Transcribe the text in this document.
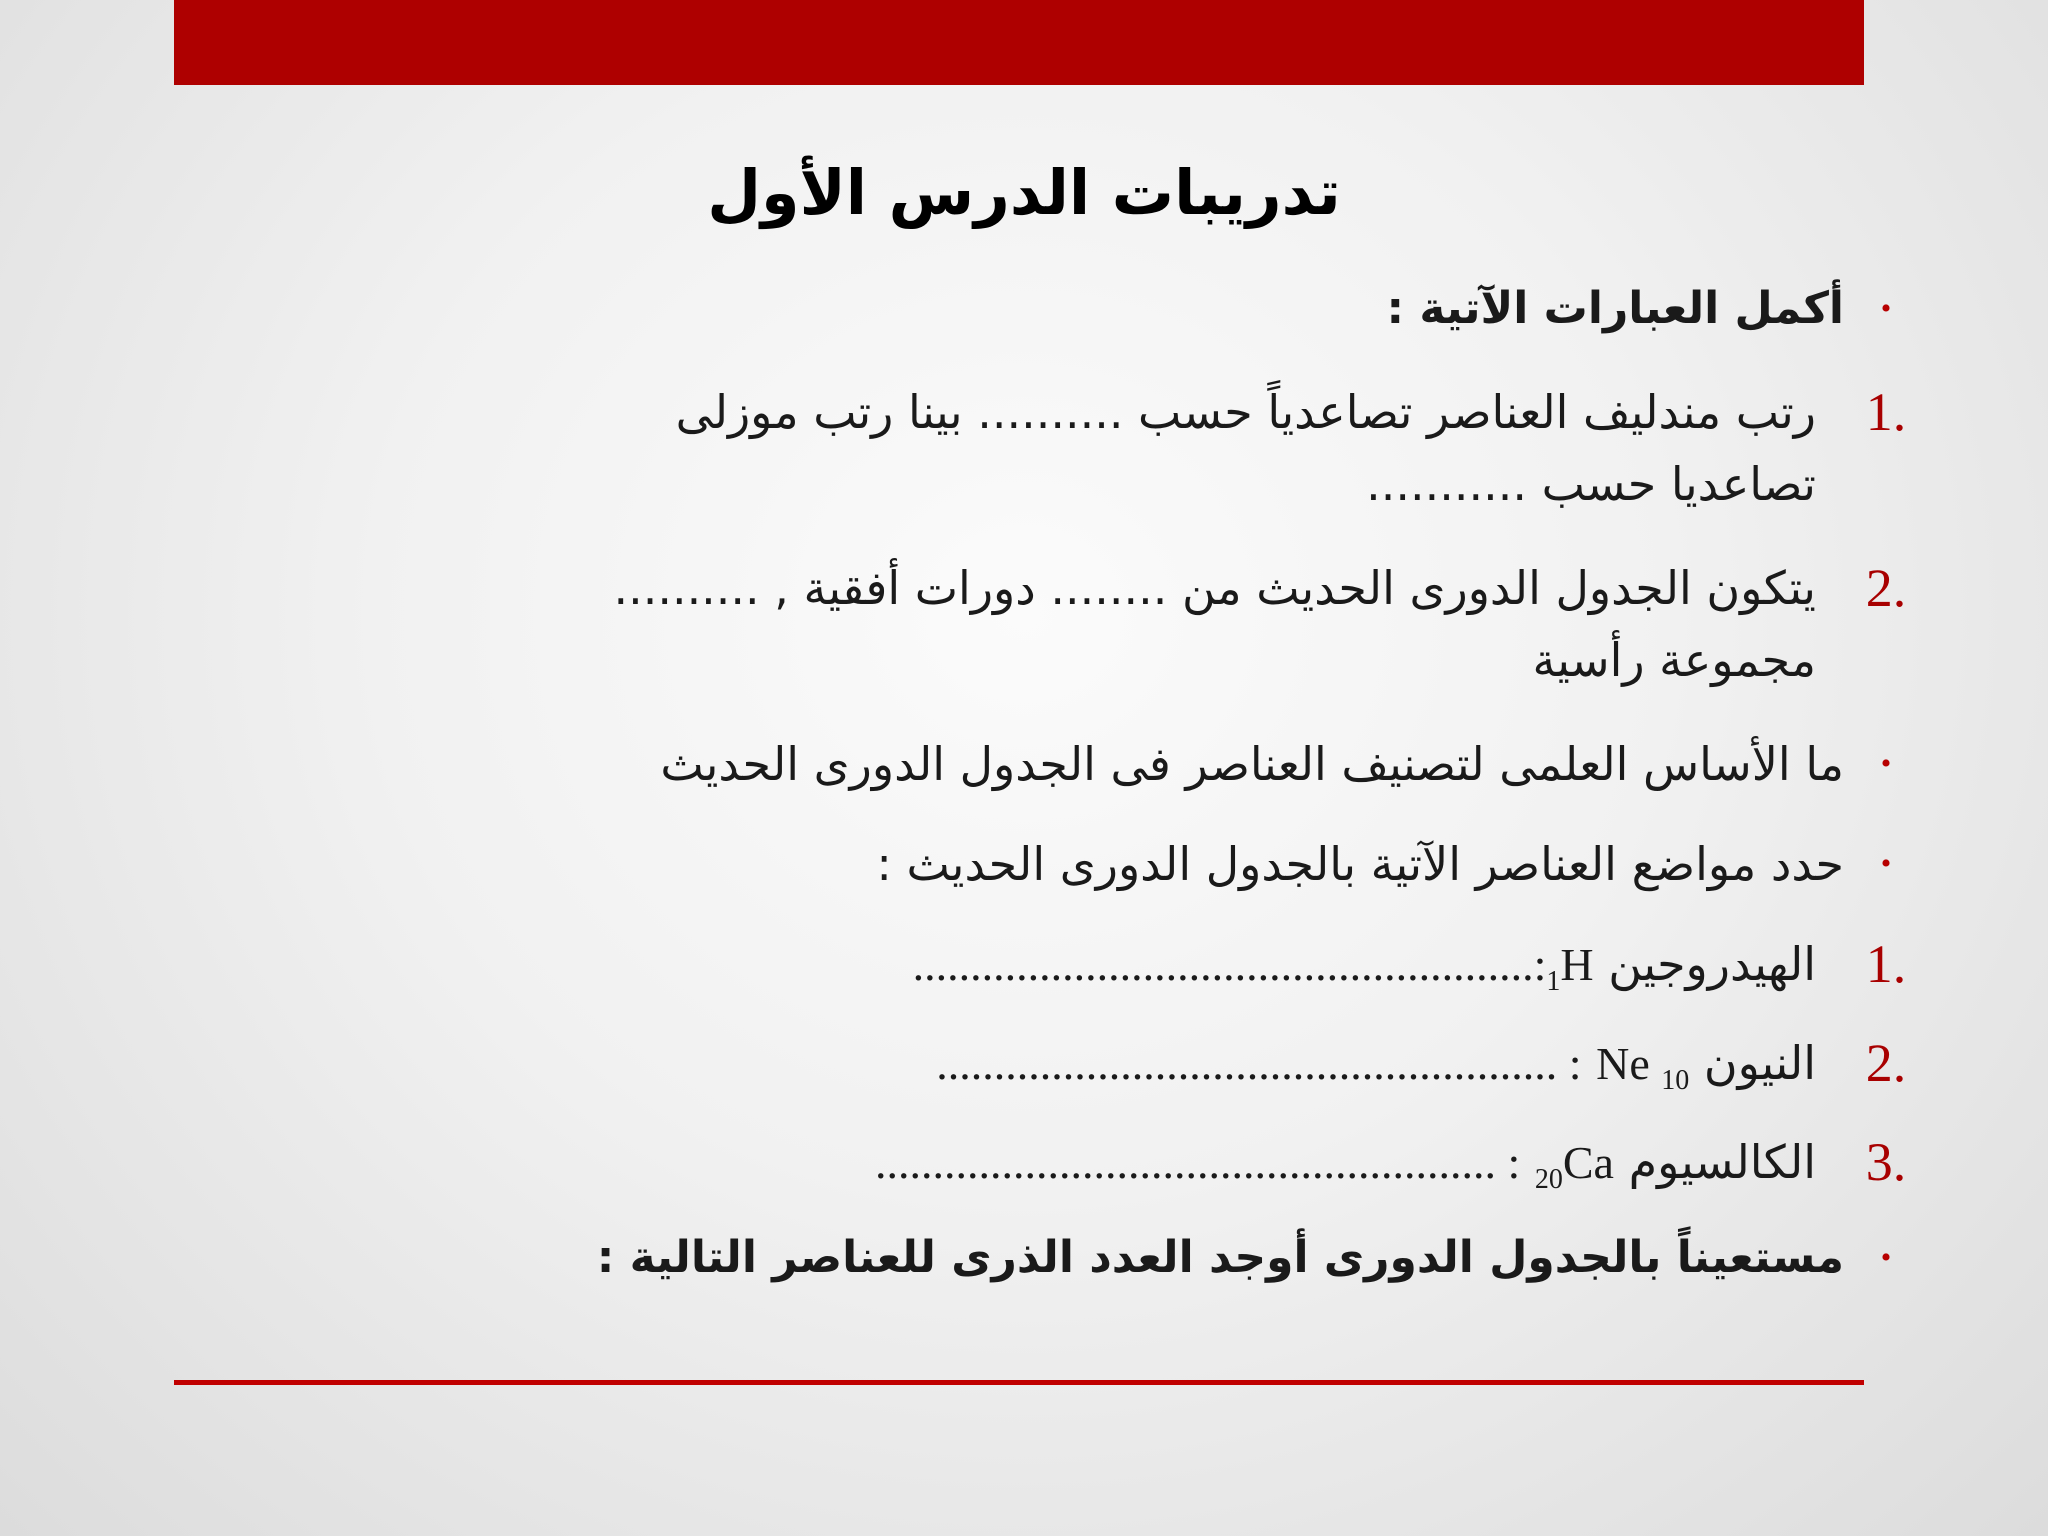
تدريبات الدرس الأول
•
أكمل العبارات الآتية :
1.
رتب مندليف العناصر تصاعدياً حسب .......... بينا رتب موزلى
تصاعديا حسب ...........
2.
يتكون الجدول الدورى الحديث من ........ دورات أفقية , ..........
مجموعة رأسية
•
ما الأساس العلمى لتصنيف العناصر فى الجدول الدورى الحديث
•
حدد مواضع العناصر الآتية بالجدول الدورى الحديث :
1.
الهيدروجين $_1$H:......................................................
2.
النيون Ne $_{10}$ : ......................................................
3.
الكالسيوم $_{20}$Ca : ......................................................
•
مستعيناً بالجدول الدورى أوجد العدد الذرى للعناصر التالية :
